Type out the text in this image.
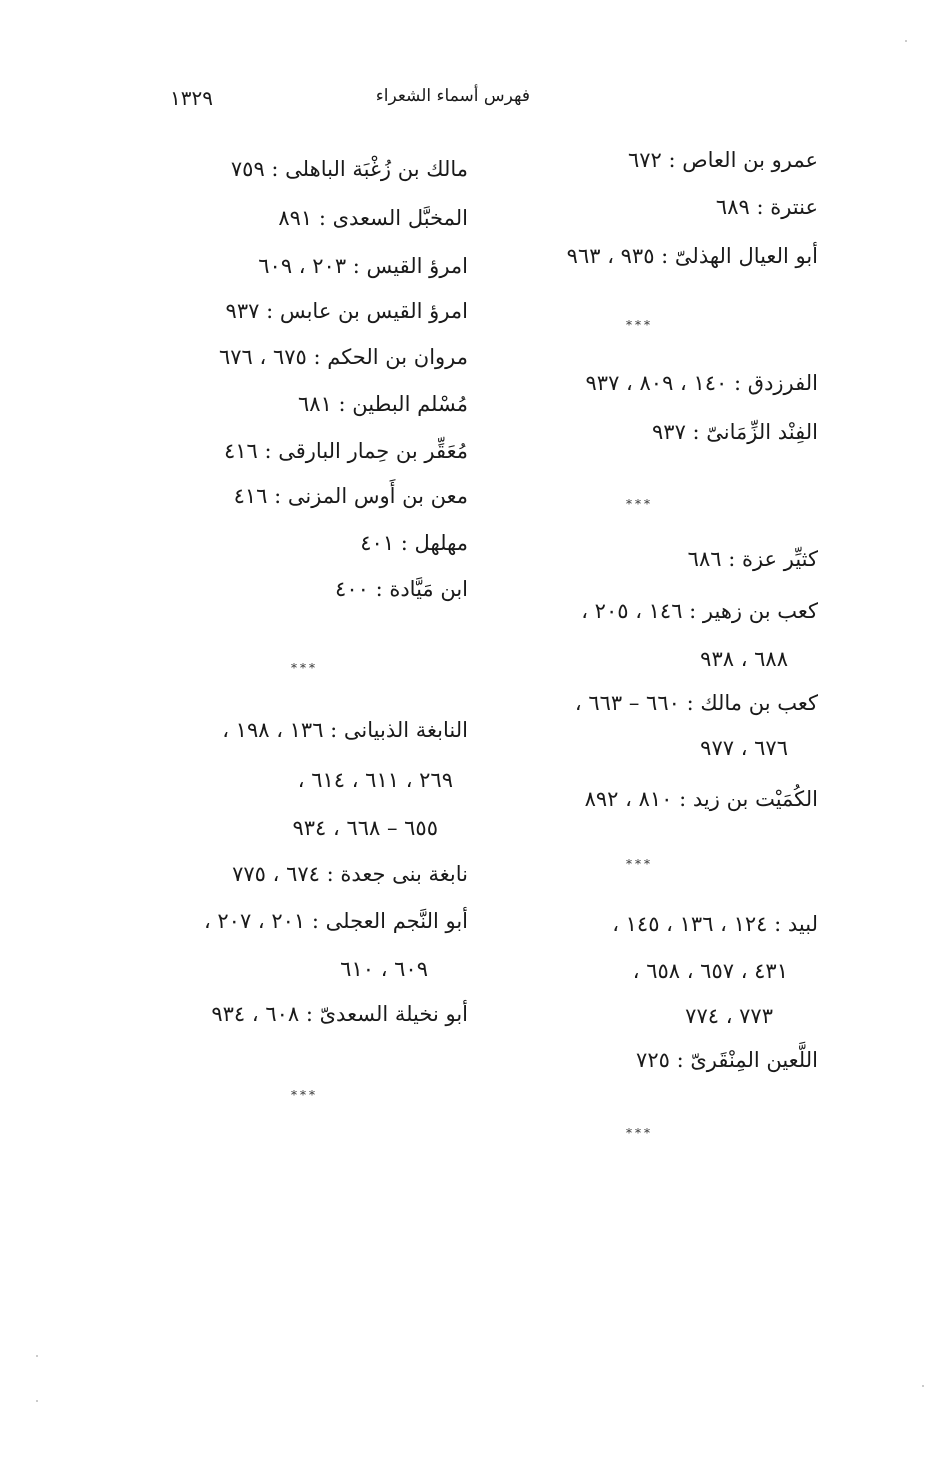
فهرس أسماء الشعراء
١٣٢٩
عمرو بن العاص : ٦٧٢
عنترة : ٦٨٩
أبو العيال الهذلىّ : ٩٣٥ ، ٩٦٣
***
الفرزدق : ١٤٠ ، ٨٠٩ ، ٩٣٧
الفِنْد الزِّمَانىّ : ٩٣٧
***
كثيِّر عزة : ٦٨٦
كعب بن زهير : ١٤٦ ، ٢٠٥ ،
٦٨٨ ، ٩٣٨
كعب بن مالك : ٦٦٠ – ٦٦٣ ،
٦٧٦ ، ٩٧٧
الكُمَيْت بن زيد : ٨١٠ ، ٨٩٢
***
لبيد : ١٢٤ ، ١٣٦ ، ١٤٥ ،
٤٣١ ، ٦٥٧ ، ٦٥٨ ،
٧٧٣ ، ٧٧٤
اللَّعين المِنْقَرىّ : ٧٢٥
***
مالك بن زُغْبَة الباهلى : ٧٥٩
المخبَّل السعدى : ٨٩١
امرؤ القيس : ٢٠٣ ، ٦٠٩
امرؤ القيس بن عابس : ٩٣٧
مروان بن الحكم : ٦٧٥ ، ٦٧٦
مُسْلم البطين : ٦٨١
مُعَقِّر بن حِمار البارقى : ٤١٦
معن بن أَوس المزنى : ٤١٦
مهلهل : ٤٠١
ابن مَيَّادة : ٤٠٠
***
النابغة الذبيانى : ١٣٦ ، ١٩٨ ،
٢٦٩ ، ٦١١ ، ٦١٤ ،
٦٥٥ – ٦٦٨ ، ٩٣٤
نابغة بنى جعدة : ٦٧٤ ، ٧٧٥
أبو النَّجم العجلى : ٢٠١ ، ٢٠٧ ،
٦٠٩ ، ٦١٠
أبو نخيلة السعدىّ : ٦٠٨ ، ٩٣٤
***
